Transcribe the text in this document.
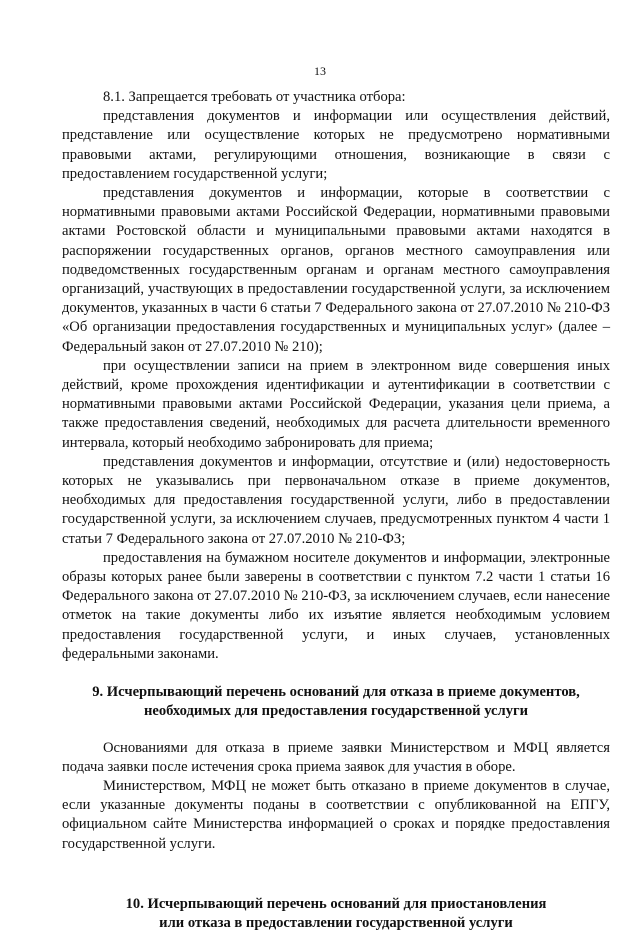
13

8.1. Запрещается требовать от участника отбора:

представления документов и информации или осуществления действий, представление или осуществление которых не предусмотрено нормативными правовыми актами, регулирующими отношения, возникающие в связи с предоставлением государственной услуги;

представления документов и информации, которые в соответствии с нормативными правовыми актами Российской Федерации, нормативными правовыми актами Ростовской области и муниципальными правовыми актами находятся в распоряжении государственных органов, органов местного самоуправления или подведомственных государственным органам и органам местного самоуправления организаций, участвующих в предоставлении государственной услуги, за исключением документов, указанных в части 6 статьи 7 Федерального закона от 27.07.2010 № 210-ФЗ «Об организации предоставления государственных и муниципальных услуг» (далее – Федеральный закон от 27.07.2010 № 210);

при осуществлении записи на прием в электронном виде совершения иных действий, кроме прохождения идентификации и аутентификации в соответствии с нормативными правовыми актами Российской Федерации, указания цели приема, а также предоставления сведений, необходимых для расчета длительности временного интервала, который необходимо забронировать для приема;

представления документов и информации, отсутствие и (или) недостоверность которых не указывались при первоначальном отказе в приеме документов, необходимых для предоставления государственной услуги, либо в предоставлении государственной услуги, за исключением случаев, предусмотренных пунктом 4 части 1 статьи 7 Федерального закона от 27.07.2010 № 210-ФЗ;

предоставления на бумажном носителе документов и информации, электронные образы которых ранее были заверены в соответствии с пунктом 7.2 части 1 статьи 16 Федерального закона от 27.07.2010 № 210-ФЗ, за исключением случаев, если нанесение отметок на такие документы либо их изъятие является необходимым условием предоставления государственной услуги, и иных случаев, установленных федеральными законами.

9. Исчерпывающий перечень оснований для отказа в приеме документов,
необходимых для предоставления государственной услуги

Основаниями для отказа в приеме заявки Министерством и МФЦ является подача заявки после истечения срока приема заявок для участия в оборе.

Министерством, МФЦ не может быть отказано в приеме документов в случае, если указанные документы поданы в соответствии с опубликованной на ЕПГУ, официальном сайте Министерства информацией о сроках и порядке предоставления государственной услуги.

10. Исчерпывающий перечень оснований для приостановления
или отказа в предоставлении государственной услуги
